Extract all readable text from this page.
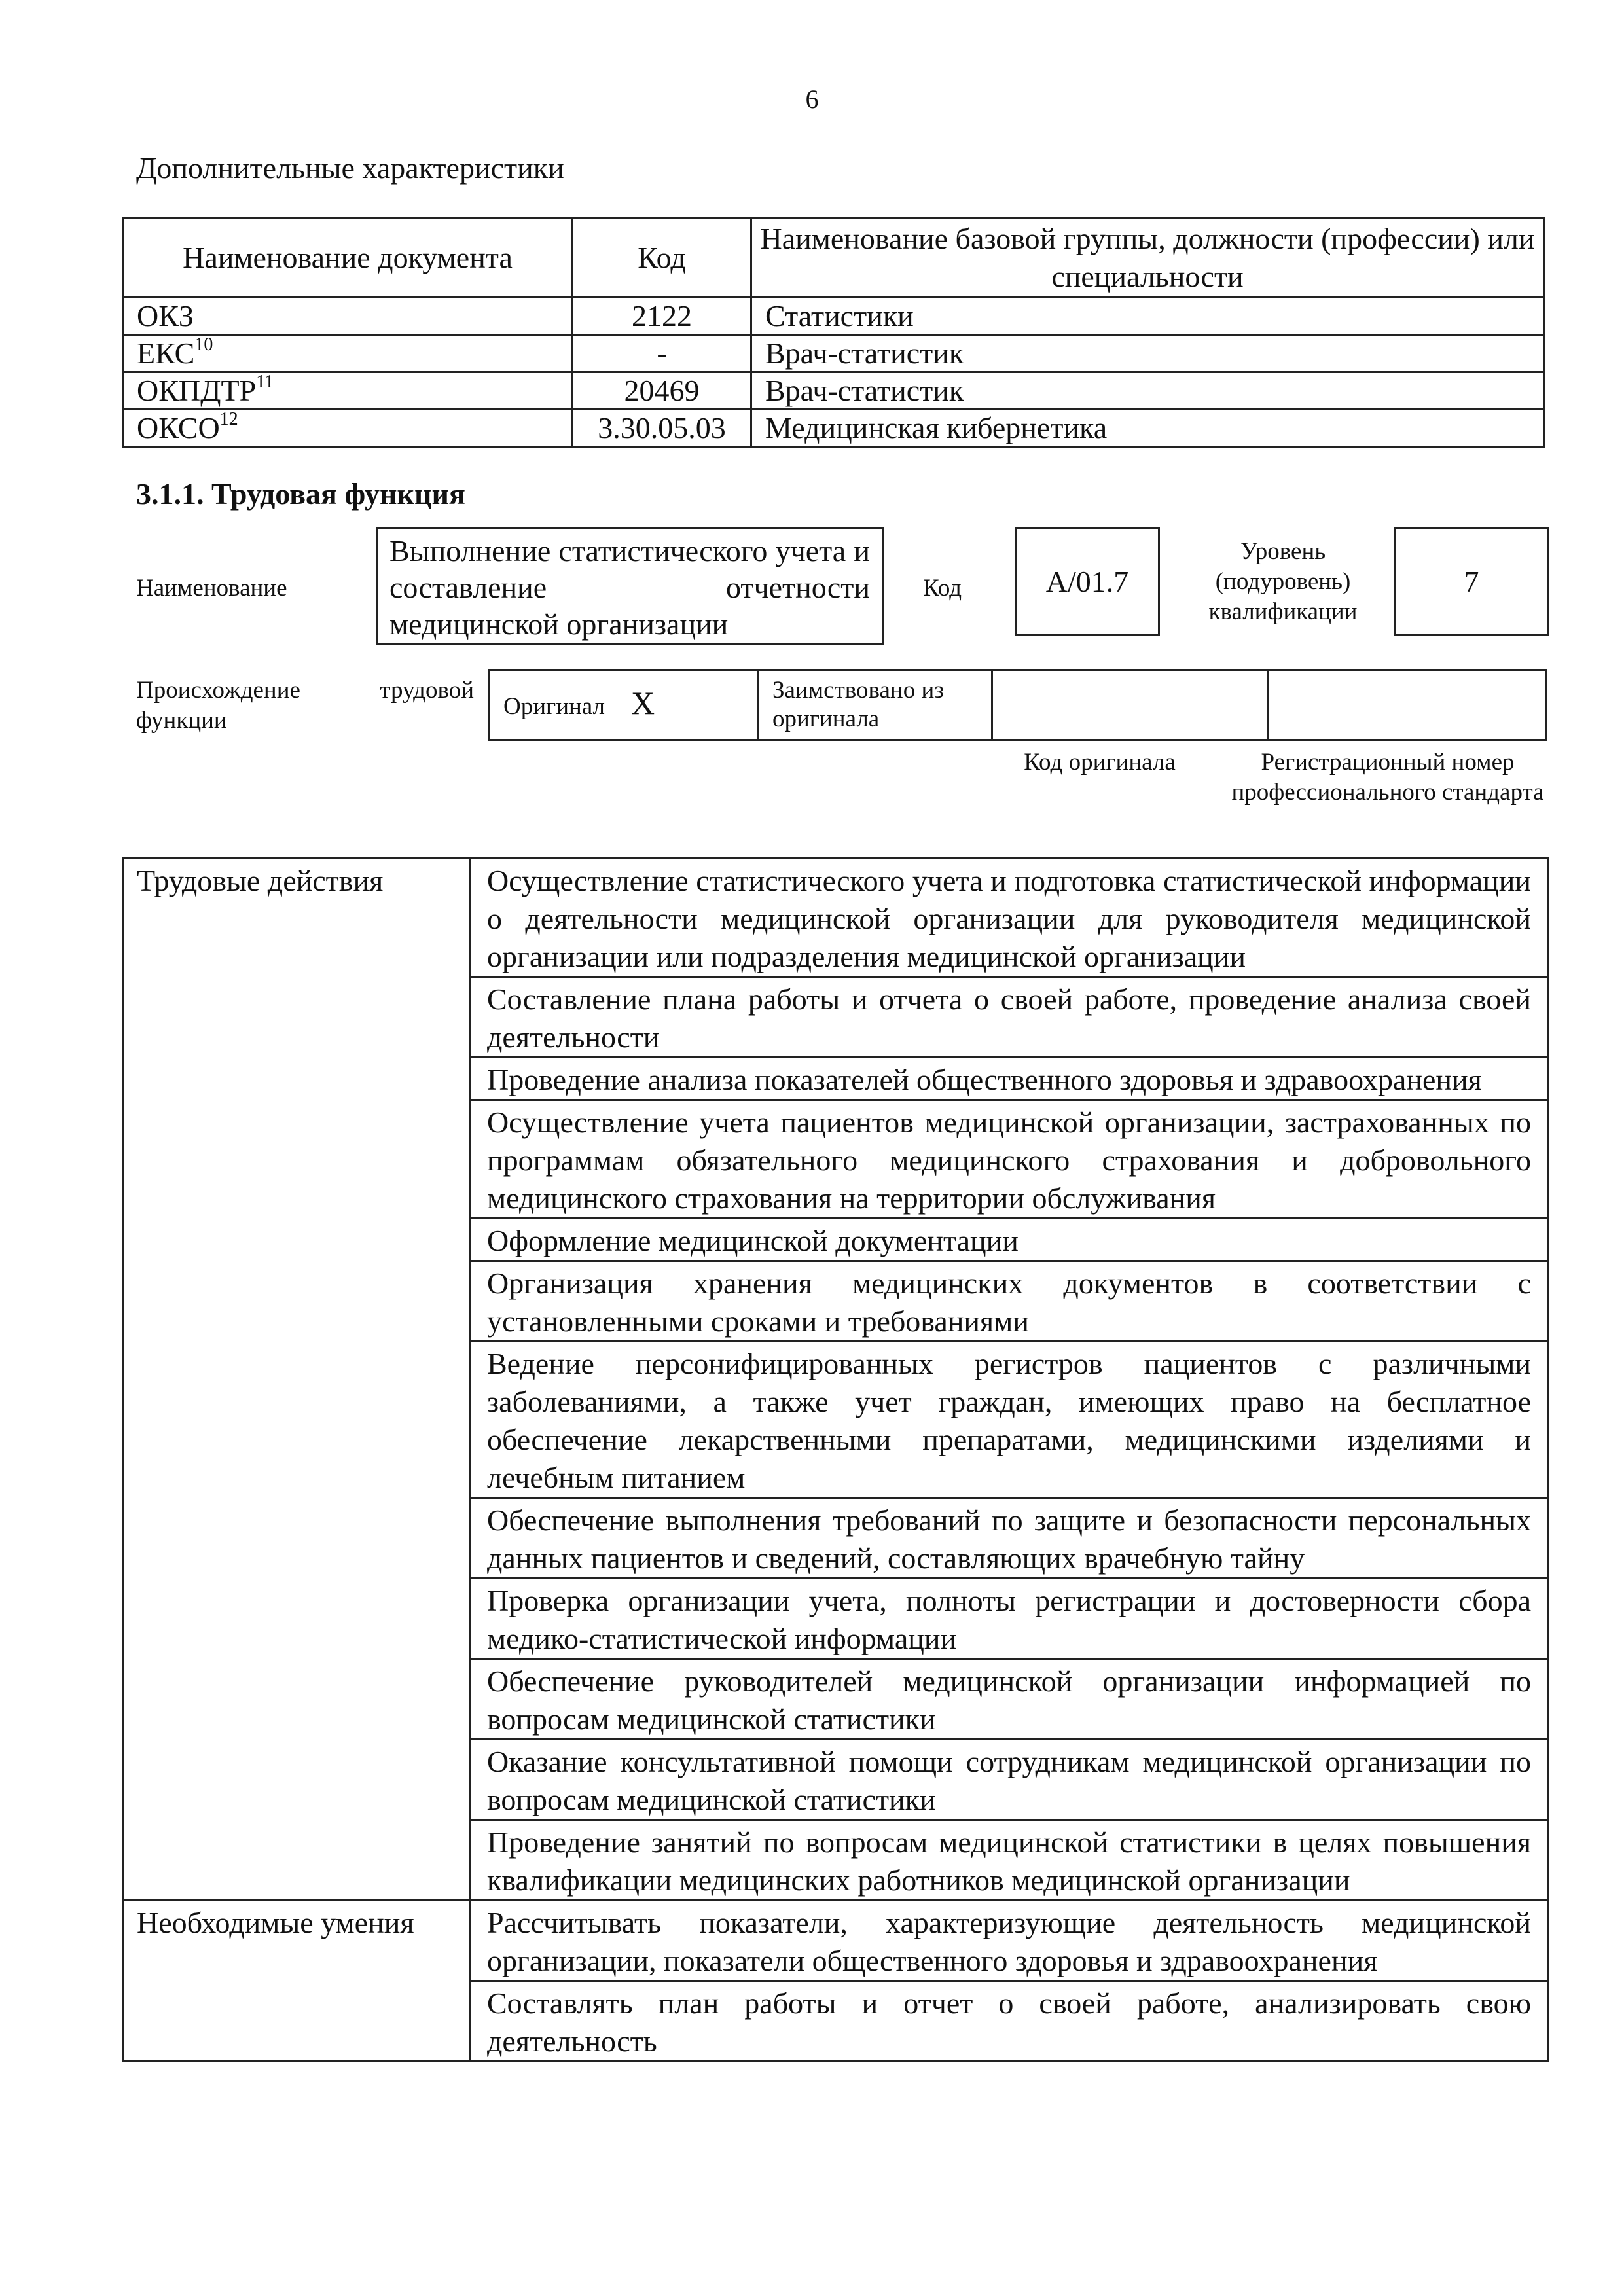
6
Дополнительные характеристики
Наименование документа	Код	Наименование базовой группы, должности (профессии) или специальности
ОКЗ	2122	Статистики
ЕКС$^{10}$	-	Врач-статистик
ОКПДТР$^{11}$	20469	Врач-статистик
ОКСО$^{12}$	3.30.05.03	Медицинская кибернетика
3.1.1. Трудовая функция
Наименование
Выполнение статистического учета и составление отчетности медицинской организации
Код	A/01.7
Уровень (подуровень) квалификации
7
Происхождение трудовой функции
Оригинал X	Заимствовано из оригинала		
Код оригинала	Регистрационный номер профессионального стандарта
Трудовые действия	Осуществление статистического учета и подготовка статистической информации о деятельности медицинской организации для руководителя медицинской организации или подразделения медицинской организации
	Составление плана работы и отчета о своей работе, проведение анализа своей деятельности
	Проведение анализа показателей общественного здоровья и здравоохранения
	Осуществление учета пациентов медицинской организации, застрахованных по программам обязательного медицинского страхования и добровольного медицинского страхования на территории обслуживания
	Оформление медицинской документации
	Организация хранения медицинских документов в соответствии с установленными сроками и требованиями
	Ведение персонифицированных регистров пациентов с различными заболеваниями, а также учет граждан, имеющих право на бесплатное обеспечение лекарственными препаратами, медицинскими изделиями и лечебным питанием
	Обеспечение выполнения требований по защите и безопасности персональных данных пациентов и сведений, составляющих врачебную тайну
	Проверка организации учета, полноты регистрации и достоверности сбора медико-статистической информации
	Обеспечение руководителей медицинской организации информацией по вопросам медицинской статистики
	Оказание консультативной помощи сотрудникам медицинской организации по вопросам медицинской статистики
	Проведение занятий по вопросам медицинской статистики в целях повышения квалификации медицинских работников медицинской организации
Необходимые умения	Рассчитывать показатели, характеризующие деятельность медицинской организации, показатели общественного здоровья и здравоохранения
	Составлять план работы и отчет о своей работе, анализировать свою деятельность
